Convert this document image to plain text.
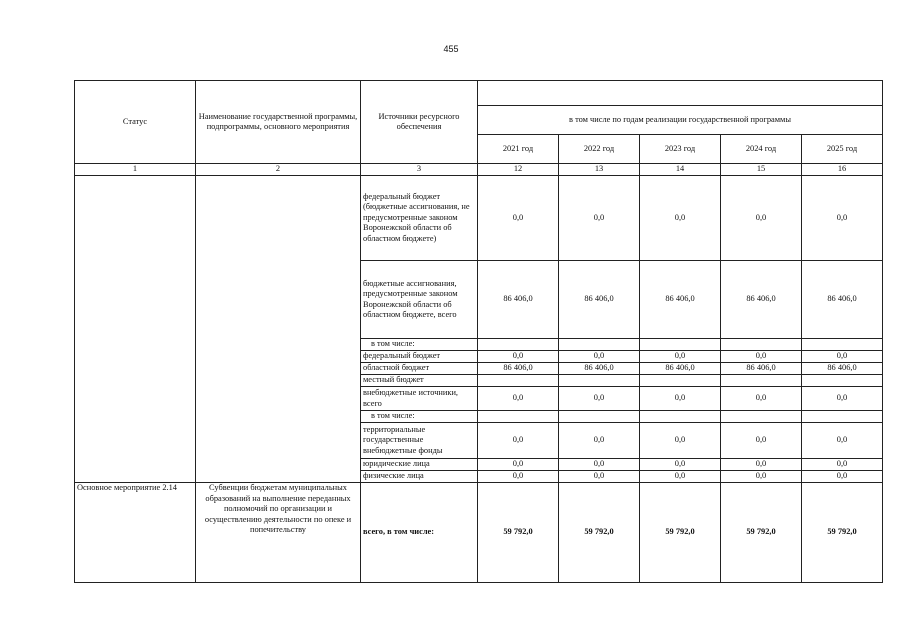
455
Статус	Наименование государственной программы, подпрограммы, основного мероприятия	Источники ресурсного обеспечения					
			в том числе по годам реализации государственной программы				
			2021 год	2022 год	2023 год	2024 год	2025 год
1	2	3	12	13	14	15	16
		федеральный бюджет (бюджетные ассигнования, не предусмотренные законом Воронежской области об областном бюджете)	0,0	0,0	0,0	0,0	0,0
		бюджетные ассигнования, предусмотренные законом Воронежской области об областном бюджете, всего	86 406,0	86 406,0	86 406,0	86 406,0	86 406,0
		в том числе:					
		федеральный бюджет	0,0	0,0	0,0	0,0	0,0
		областной бюджет	86 406,0	86 406,0	86 406,0	86 406,0	86 406,0
		местный бюджет					
		внебюджетные источники, всего	0,0	0,0	0,0	0,0	0,0
		в том числе:					
		территориальные государственные внебюджетные фонды	0,0	0,0	0,0	0,0	0,0
		юридические лица	0,0	0,0	0,0	0,0	0,0
		физические лица	0,0	0,0	0,0	0,0	0,0
Основное мероприятие 2.14	Субвенции бюджетам муниципальных образований на выполнение переданных полномочий по организации и осуществлению деятельности по опеке и попечительству	всего, в том числе:	59 792,0	59 792,0	59 792,0	59 792,0	59 792,0
